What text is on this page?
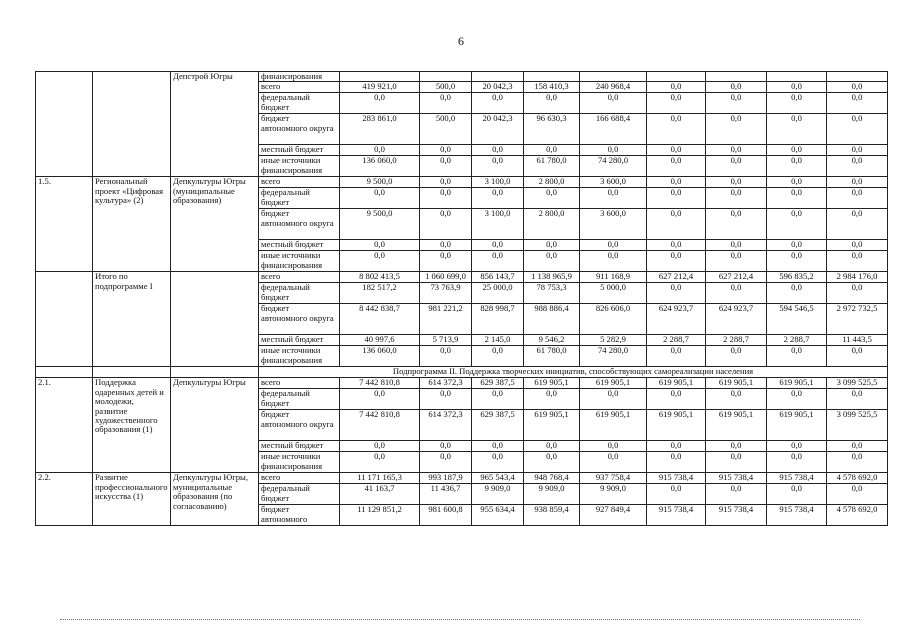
6
		Депстрой Югры	финансирования									
			всего	419 921,0	500,0	20 042,3	158 410,3	240 968,4	0,0	0,0	0,0	0,0
			федеральный бюджет	0,0	0,0	0,0	0,0	0,0	0,0	0,0	0,0	0,0
			бюджет автономного округа	283 861,0	500,0	20 042,3	96 630,3	166 688,4	0,0	0,0	0,0	0,0
			местный бюджет	0,0	0,0	0,0	0,0	0,0	0,0	0,0	0,0	0,0
			иные источники финансирования	136 060,0	0,0	0,0	61 780,0	74 280,0	0,0	0,0	0,0	0,0
1.5.	Региональный проект «Цифровая культура» (2)	Депкультуры Югры (муниципальные образования)	всего	9 500,0	0,0	3 100,0	2 800,0	3 600,0	0,0	0,0	0,0	0,0
			федеральный бюджет	0,0	0,0	0,0	0,0	0,0	0,0	0,0	0,0	0,0
			бюджет автономного округа	9 500,0	0,0	3 100,0	2 800,0	3 600,0	0,0	0,0	0,0	0,0
			местный бюджет	0,0	0,0	0,0	0,0	0,0	0,0	0,0	0,0	0,0
			иные источники финансирования	0,0	0,0	0,0	0,0	0,0	0,0	0,0	0,0	0,0
	Итого по подпрограмме I		всего	8 802 413,5	1 060 699,0	856 143,7	1 138 965,9	911 168,9	627 212,4	627 212,4	596 835,2	2 984 176,0
			федеральный бюджет	182 517,2	73 763,9	25 000,0	78 753,3	5 000,0	0,0	0,0	0,0	0,0
			бюджет автономного округа	8 442 838,7	981 221,2	828 998,7	988 886,4	826 606,0	624 923,7	624 923,7	594 546,5	2 972 732,5
			местный бюджет	40 997,6	5 713,9	2 145,0	9 546,2	5 282,9	2 288,7	2 288,7	2 288,7	11 443,5
			иные источники финансирования	136 060,0	0,0	0,0	61 780,0	74 280,0	0,0	0,0	0,0	0,0
			Подпрограмма II. Поддержка творческих инициатив, способствующих самореализации населения									
2.1.	Поддержка одаренных детей и молодежи, развитие художественного образования (1)	Депкультуры Югры	всего	7 442 810,8	614 372,3	629 387,5	619 905,1	619 905,1	619 905,1	619 905,1	619 905,1	3 099 525,5
			федеральный бюджет	0,0	0,0	0,0	0,0	0,0	0,0	0,0	0,0	0,0
			бюджет автономного округа	7 442 810,8	614 372,3	629 387,5	619 905,1	619 905,1	619 905,1	619 905,1	619 905,1	3 099 525,5
			местный бюджет	0,0	0,0	0,0	0,0	0,0	0,0	0,0	0,0	0,0
			иные источники финансирования	0,0	0,0	0,0	0,0	0,0	0,0	0,0	0,0	0,0
2.2.	Развитие профессионального искусства (1)	Депкультуры Югры, муниципальные образования (по согласованию)	всего	11 171 165,3	993 187,9	965 543,4	948 768,4	937 758,4	915 738,4	915 738,4	915 738,4	4 578 692,0
			федеральный бюджет	41 163,7	11 436,7	9 909,0	9 909,0	9 909,0	0,0	0,0	0,0	0,0
			бюджет автономного	11 129 851,2	981 600,8	955 634,4	938 859,4	927 849,4	915 738,4	915 738,4	915 738,4	4 578 692,0
